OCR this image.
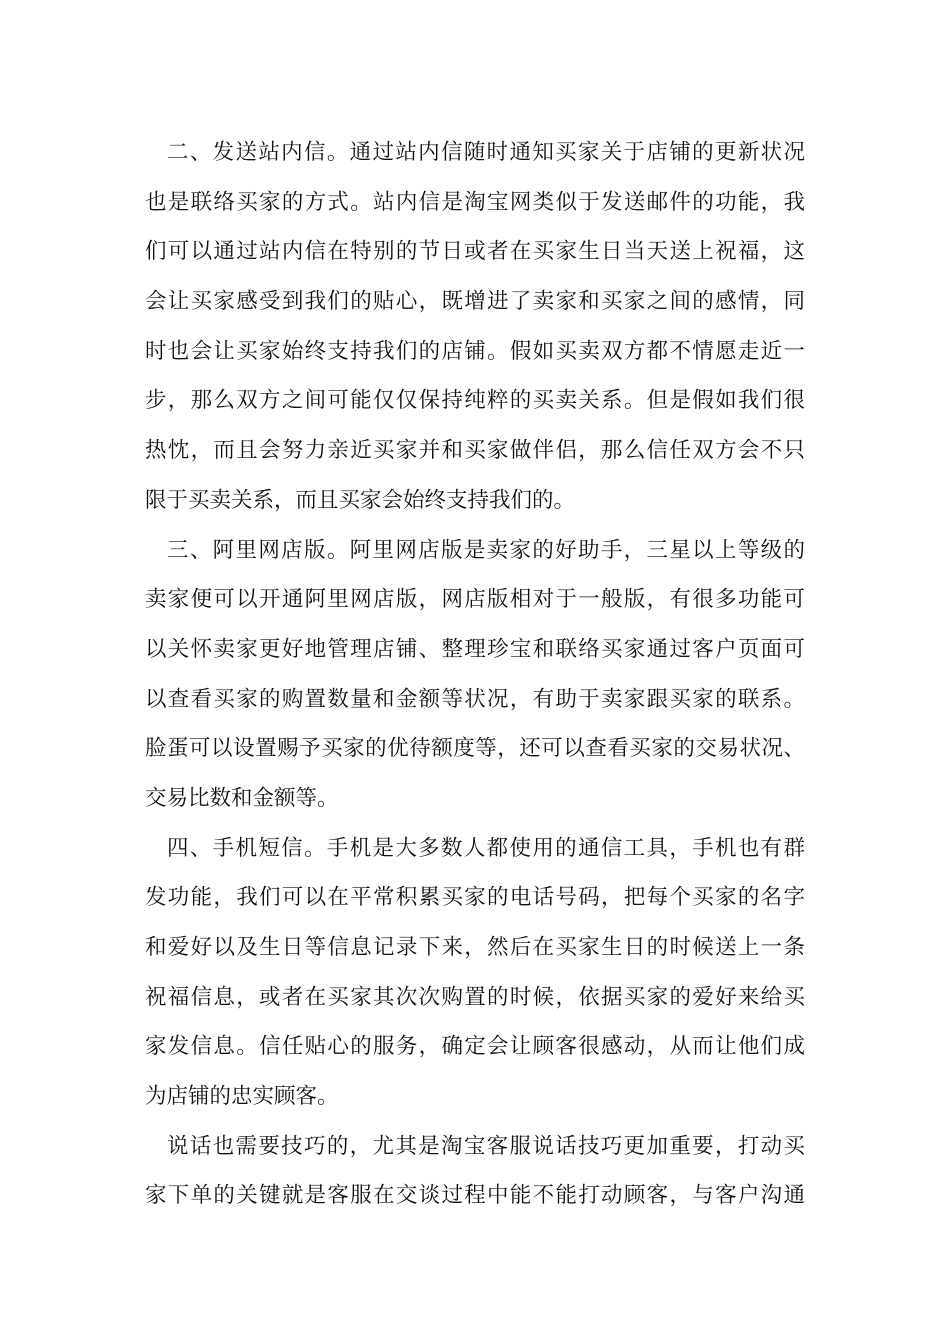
二、发送站内信。通过站内信随时通知买家关于店铺的更新状况
也是联络买家的方式。站内信是淘宝网类似于发送邮件的功能，我
们可以通过站内信在特别的节日或者在买家生日当天送上祝福，这
会让买家感受到我们的贴心，既增进了卖家和买家之间的感情，同
时也会让买家始终支持我们的店铺。假如买卖双方都不情愿走近一
步，那么双方之间可能仅仅保持纯粹的买卖关系。但是假如我们很
热忱，而且会努力亲近买家并和买家做伴侣，那么信任双方会不只
限于买卖关系，而且买家会始终支持我们的。
三、阿里网店版。阿里网店版是卖家的好助手，三星以上等级的
卖家便可以开通阿里网店版，网店版相对于一般版，有很多功能可
以关怀卖家更好地管理店铺、整理珍宝和联络买家通过客户页面可
以查看买家的购置数量和金额等状况，有助于卖家跟买家的联系。
脸蛋可以设置赐予买家的优待额度等，还可以查看买家的交易状况、
交易比数和金额等。
四、手机短信。手机是大多数人都使用的通信工具，手机也有群
发功能，我们可以在平常积累买家的电话号码，把每个买家的名字
和爱好以及生日等信息记录下来，然后在买家生日的时候送上一条
祝福信息，或者在买家其次次购置的时候，依据买家的爱好来给买
家发信息。信任贴心的服务，确定会让顾客很感动，从而让他们成
为店铺的忠实顾客。
说话也需要技巧的，尤其是淘宝客服说话技巧更加重要，打动买
家下单的关键就是客服在交谈过程中能不能打动顾客，与客户沟通
